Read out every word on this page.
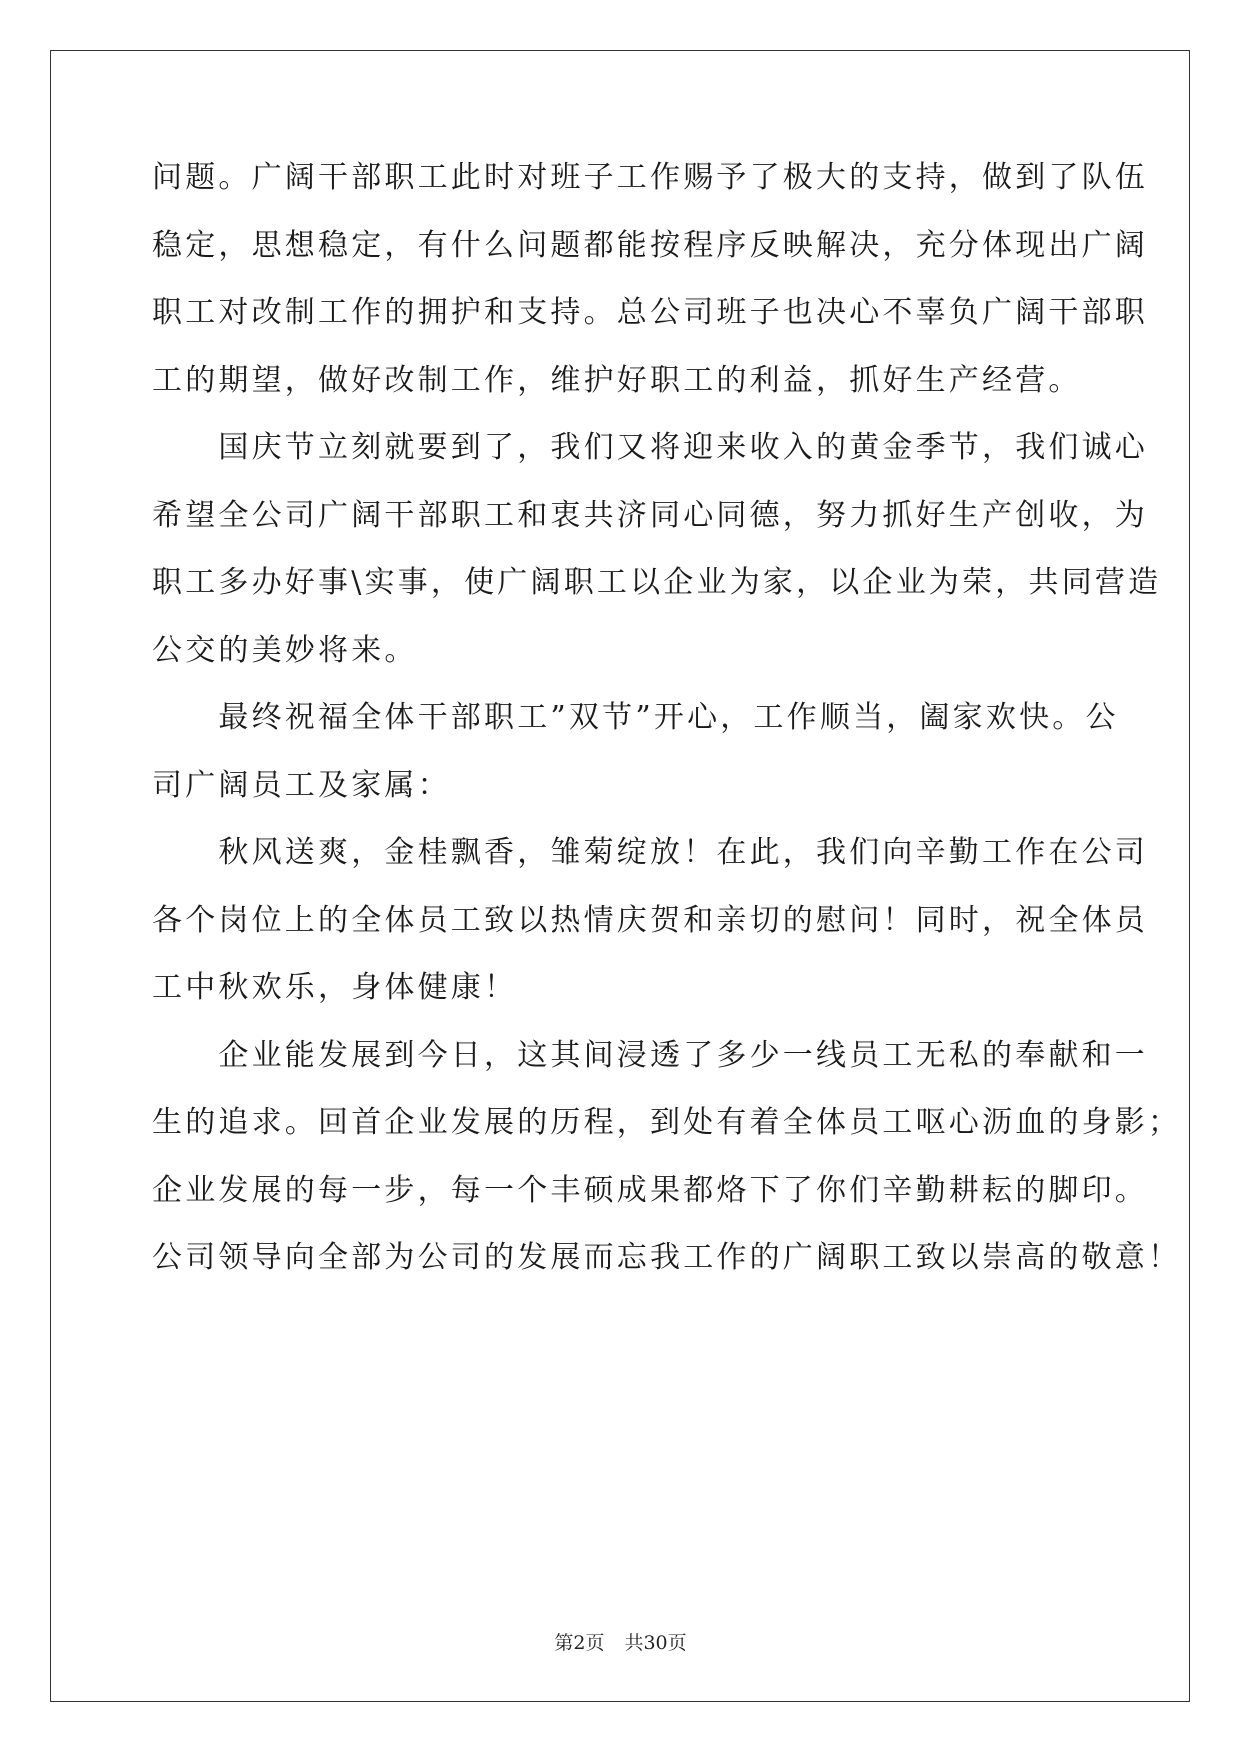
问题。广阔干部职工此时对班子工作赐予了极大的支持，做到了队伍
稳定，思想稳定，有什么问题都能按程序反映解决，充分体现出广阔
职工对改制工作的拥护和支持。总公司班子也决心不辜负广阔干部职
工的期望，做好改制工作，维护好职工的利益，抓好生产经营。
　　国庆节立刻就要到了，我们又将迎来收入的黄金季节，我们诚心
希望全公司广阔干部职工和衷共济同心同德，努力抓好生产创收，为
职工多办好事\实事，使广阔职工以企业为家，以企业为荣，共同营造
公交的美妙将来。
　　最终祝福全体干部职工”双节”开心，工作顺当，阖家欢快。公
司广阔员工及家属：
　　秋风送爽，金桂飘香，雏菊绽放！在此，我们向辛勤工作在公司
各个岗位上的全体员工致以热情庆贺和亲切的慰问！同时，祝全体员
工中秋欢乐，身体健康！
　　企业能发展到今日，这其间浸透了多少一线员工无私的奉献和一
生的追求。回首企业发展的历程，到处有着全体员工呕心沥血的身影；
企业发展的每一步，每一个丰硕成果都烙下了你们辛勤耕耘的脚印。
公司领导向全部为公司的发展而忘我工作的广阔职工致以崇高的敬意！
第2页 共30页
